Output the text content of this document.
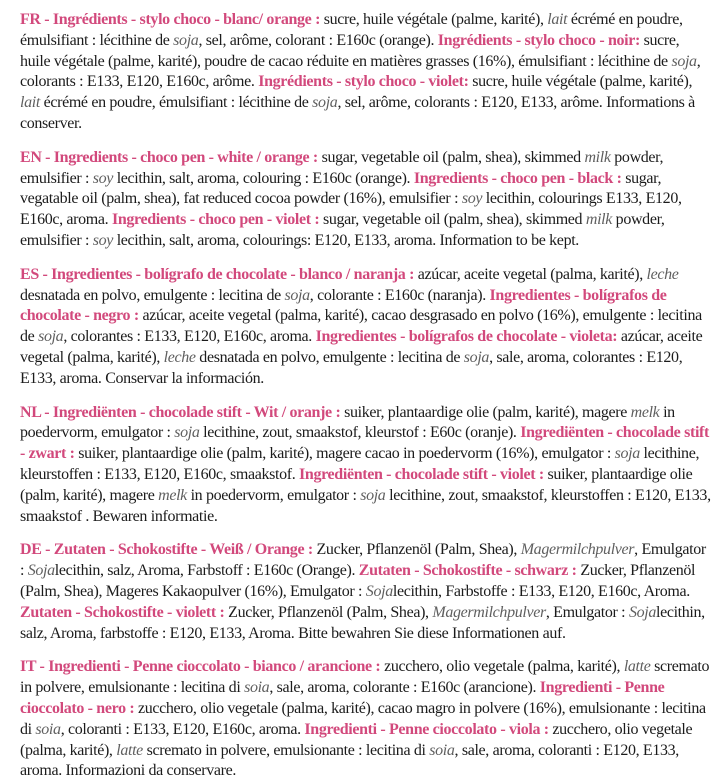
FR - Ingrédients - stylo choco - blanc/ orange : sucre, huile végétale (palme, karité), lait écrémé en poudre, émulsifiant : lécithine de soja, sel, arôme, colorant : E160c (orange). Ingrédients - stylo choco - noir: sucre, huile végétale (palme, karité), poudre de cacao réduite en matières grasses (16%), émulsifiant : lécithine de soja, colorants : E133, E120, E160c, arôme. Ingrédients - stylo choco - violet: sucre, huile végétale (palme, karité), lait écrémé en poudre, émulsifiant : lécithine de soja, sel, arôme, colorants : E120, E133, arôme. Informations à conserver.

EN - Ingredients - choco pen - white / orange : sugar, vegetable oil (palm, shea), skimmed milk powder, emulsifier : soy lecithin, salt, aroma, colouring : E160c (orange). Ingredients - choco pen - black : sugar, vegatable oil (palm, shea), fat reduced cocoa powder (16%), emulsifier : soy lecithin, colourings E133, E120, E160c, aroma. Ingredients - choco pen - violet : sugar, vegetable oil (palm, shea), skimmed milk powder, emulsifier : soy lecithin, salt, aroma, colourings: E120, E133, aroma. Information to be kept.

ES - Ingredientes - bolígrafo de chocolate - blanco / naranja : azúcar, aceite vegetal (palma, karité), leche desnatada en polvo, emulgente : lecitina de soja, colorante : E160c (naranja). Ingredientes - bolígrafos de chocolate - negro : azúcar, aceite vegetal (palma, karité), cacao desgrasado en polvo (16%), emulgente : lecitina de soja, colorantes : E133, E120, E160c, aroma. Ingredientes - bolígrafos de chocolate - violeta: azúcar, aceite vegetal (palma, karité), leche desnatada en polvo, emulgente : lecitina de soja, sale, aroma, colorantes : E120, E133, aroma. Conservar la información.

NL - Ingrediënten - chocolade stift - Wit / oranje : suiker, plantaardige olie (palm, karité), magere melk in poedervorm, emulgator : soja lecithine, zout, smaakstof, kleurstof : E60c (oranje). Ingrediënten - chocolade stift - zwart : suiker, plantaardige olie (palm, karité), magere cacao in poedervorm (16%), emulgator : soja lecithine, kleurstoffen : E133, E120, E160c, smaakstof. Ingrediënten - chocolade stift - violet : suiker, plantaardige olie (palm, karité), magere melk in poedervorm, emulgator : soja lecithine, zout, smaakstof, kleurstoffen : E120, E133, smaakstof . Bewaren informatie.

DE - Zutaten - Schokostifte - Weiß / Orange : Zucker, Pflanzenöl (Palm, Shea), Magermilchpulver, Emulgator : Sojalecithin, salz, Aroma, Farbstoff : E160c (Orange). Zutaten - Schokostifte - schwarz : Zucker, Pflanzenöl (Palm, Shea), Mageres Kakaopulver (16%), Emulgator : Sojalecithin, Farbstoffe : E133, E120, E160c, Aroma. Zutaten - Schokostifte - violett : Zucker, Pflanzenöl (Palm, Shea), Magermilchpulver, Emulgator : Sojalecithin, salz, Aroma, farbstoffe : E120, E133, Aroma. Bitte bewahren Sie diese Informationen auf.

IT - Ingredienti - Penne cioccolato - bianco / arancione : zucchero, olio vegetale (palma, karité), latte scremato in polvere, emulsionante : lecitina di soia, sale, aroma, colorante : E160c (arancione). Ingredienti - Penne cioccolato - nero : zucchero, olio vegetale (palma, karité), cacao magro in polvere (16%), emulsionante : lecitina di soia, coloranti : E133, E120, E160c, aroma. Ingredienti - Penne cioccolato - viola : zucchero, olio vegetale (palma, karité), latte scremato in polvere, emulsionante : lecitina di soia, sale, aroma, coloranti : E120, E133, aroma. Informazioni da conservare.
